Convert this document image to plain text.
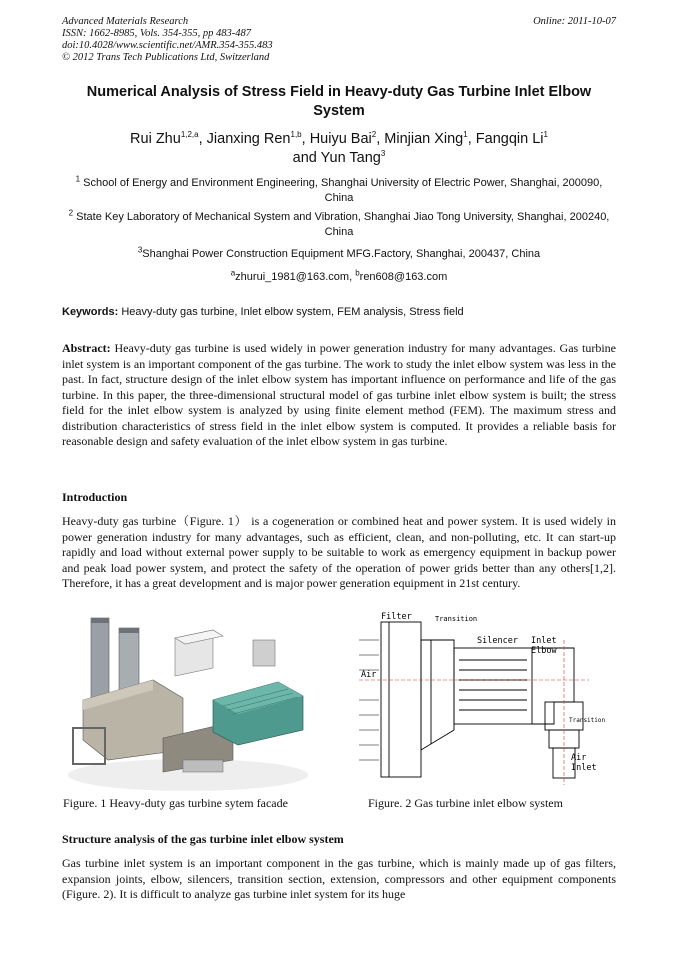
Advanced Materials Research
ISSN: 1662-8985, Vols. 354-355, pp 483-487
doi:10.4028/www.scientific.net/AMR.354-355.483
© 2012 Trans Tech Publications Ltd, Switzerland
Online: 2011-10-07
Numerical Analysis of Stress Field in Heavy-duty Gas Turbine Inlet Elbow System
Rui Zhu$^{1,2,a}$, Jianxing Ren$^{1,b}$, Huiyu Bai$^2$, Minjian Xing$^1$, Fangqin Li$^1$
and Yun Tang$^3$
$^1$ School of Energy and Environment Engineering, Shanghai University of Electric Power, Shanghai, 200090, China
$^2$ State Key Laboratory of Mechanical System and Vibration, Shanghai Jiao Tong University, Shanghai, 200240, China
$^3$Shanghai Power Construction Equipment MFG.Factory, Shanghai, 200437, China
$^a$zhurui_1981@163.com, $^b$ren608@163.com
Keywords: Heavy-duty gas turbine, Inlet elbow system, FEM analysis, Stress field
Abstract: Heavy-duty gas turbine is used widely in power generation industry for many advantages. Gas turbine inlet system is an important component of the gas turbine. The work to study the inlet elbow system was less in the past. In fact, structure design of the inlet elbow system has important influence on performance and life of the gas turbine. In this paper, the three-dimensional structural model of gas turbine inlet elbow system is built; the stress field for the inlet elbow system is analyzed by using finite element method (FEM). The maximum stress and distribution characteristics of stress field in the inlet elbow system is computed. It provides a reliable basis for reasonable design and safety evaluation of the inlet elbow system in gas turbine.
Introduction
Heavy-duty gas turbine（Figure. 1） is a cogeneration or combined heat and power system. It is used widely in power generation industry for many advantages, such as efficient, clean, and non-polluting, etc. It can start-up rapidly and load without external power supply to be suitable to work as emergency equipment in backup power and peak load power system, and protect the safety of the operation of power grids better than any others[1,2]. Therefore, it has a great development and is major power generation equipment in 21st century.
Filter	Transition
Silencer Inlet
Elbow
Air
Transition
Air
Inlet
Figure. 1 Heavy-duty gas turbine sytem facade	Figure. 2 Gas turbine inlet elbow system
Structure analysis of the gas turbine inlet elbow system
Gas turbine inlet system is an important component in the gas turbine, which is mainly made up of gas filters, expansion joints, elbow, silencers, transition section, extension, compressors and other equipment components (Figure. 2). It is difficult to analyze gas turbine inlet system for its huge
